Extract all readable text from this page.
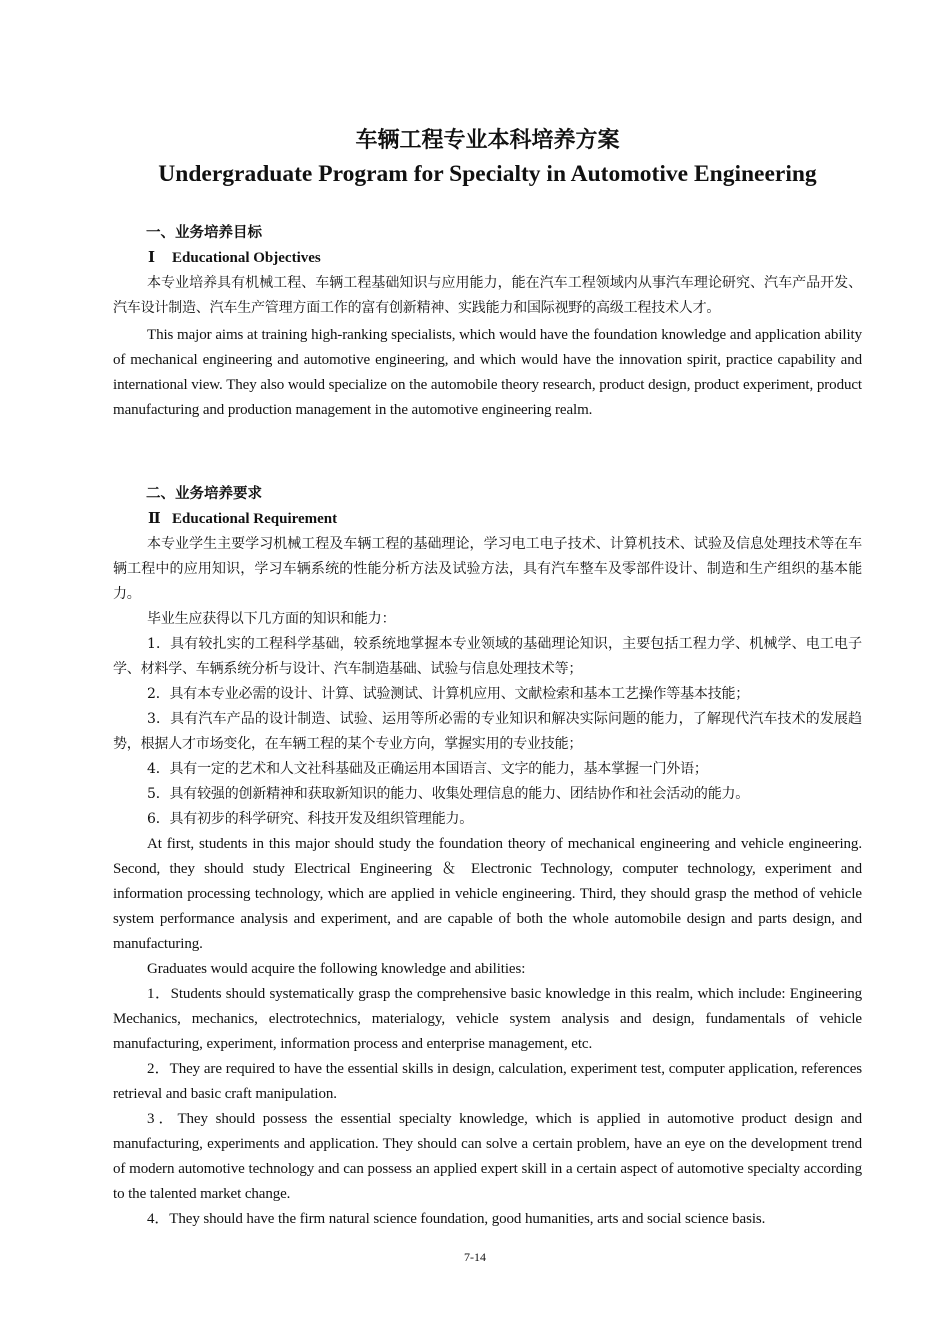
车辆工程专业本科培养方案
Undergraduate Program for Specialty in Automotive Engineering
一、业务培养目标
Ⅰ Educational Objectives

本专业培养具有机械工程、车辆工程基础知识与应用能力，能在汽车工程领域内从事汽车理论研究、汽车产品开发、汽车设计制造、汽车生产管理方面工作的富有创新精神、实践能力和国际视野的高级工程技术人才。

This major aims at training high-ranking specialists, which would have the foundation knowledge and application ability of mechanical engineering and automotive engineering, and which would have the innovation spirit, practice capability and international view. They also would specialize on the automobile theory research, product design, product experiment, product manufacturing and production management in the automotive engineering realm.

二、业务培养要求
Ⅱ Educational Requirement

本专业学生主要学习机械工程及车辆工程的基础理论，学习电工电子技术、计算机技术、试验及信息处理技术等在车辆工程中的应用知识，学习车辆系统的性能分析方法及试验方法，具有汽车整车及零部件设计、制造和生产组织的基本能力。

毕业生应获得以下几方面的知识和能力：

1．具有较扎实的工程科学基础，较系统地掌握本专业领域的基础理论知识，主要包括工程力学、机械学、电工电子学、材料学、车辆系统分析与设计、汽车制造基础、试验与信息处理技术等；

2．具有本专业必需的设计、计算、试验测试、计算机应用、文献检索和基本工艺操作等基本技能；

3．具有汽车产品的设计制造、试验、运用等所必需的专业知识和解决实际问题的能力，了解现代汽车技术的发展趋势，根据人才市场变化，在车辆工程的某个专业方向，掌握实用的专业技能；

4．具有一定的艺术和人文社科基础及正确运用本国语言、文字的能力，基本掌握一门外语；

5．具有较强的创新精神和获取新知识的能力、收集处理信息的能力、团结协作和社会活动的能力。

6．具有初步的科学研究、科技开发及组织管理能力。

At first, students in this major should study the foundation theory of mechanical engineering and vehicle engineering. Second, they should study Electrical Engineering ＆ Electronic Technology, computer technology, experiment and information processing technology, which are applied in vehicle engineering. Third, they should grasp the method of vehicle system performance analysis and experiment, and are capable of both the whole automobile design and parts design, and manufacturing.

Graduates would acquire the following knowledge and abilities:

1．Students should systematically grasp the comprehensive basic knowledge in this realm, which include: Engineering Mechanics, mechanics, electrotechnics, materialogy, vehicle system analysis and design, fundamentals of vehicle manufacturing, experiment, information process and enterprise management, etc.

2．They are required to have the essential skills in design, calculation, experiment test, computer application, references retrieval and basic craft manipulation.

3．They should possess the essential specialty knowledge, which is applied in automotive product design and manufacturing, experiments and application. They should can solve a certain problem, have an eye on the development trend of modern automotive technology and can possess an applied expert skill in a certain aspect of automotive specialty according to the talented market change.

4．They should have the firm natural science foundation, good humanities, arts and social science basis.

7-14
